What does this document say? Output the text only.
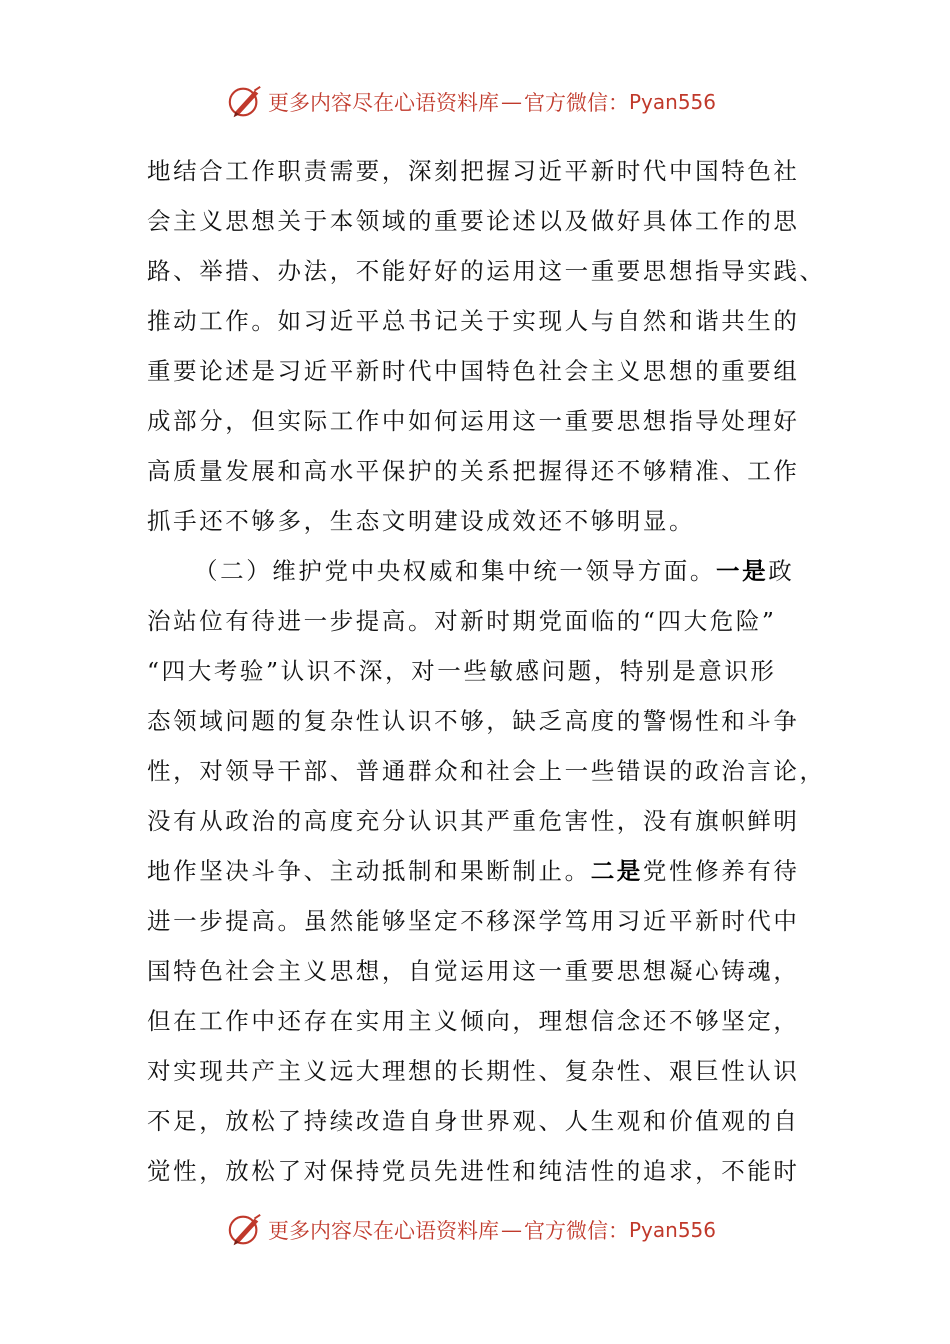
更多内容尽在心语资料库 — 官方微信： Pyan556
地结合工作职责需要，深刻把握习近平新时代中国特色社
会主义思想关于本领域的重要论述以及做好具体工作的思
路、举措、办法，不能好好的运用这一重要思想指导实践、
推动工作。如习近平总书记关于实现人与自然和谐共生的
重要论述是习近平新时代中国特色社会主义思想的重要组
成部分，但实际工作中如何运用这一重要思想指导处理好
高质量发展和高水平保护的关系把握得还不够精准、工作
抓手还不够多，生态文明建设成效还不够明显。
（二）维护党中央权威和集中统一领导方面。一是政
治站位有待进一步提高。对新时期党面临的“四大危险”
“四大考验”认识不深，对一些敏感问题，特别是意识形
态领域问题的复杂性认识不够，缺乏高度的警惕性和斗争
性，对领导干部、普通群众和社会上一些错误的政治言论，
没有从政治的高度充分认识其严重危害性，没有旗帜鲜明
地作坚决斗争、主动抵制和果断制止。二是党性修养有待
进一步提高。虽然能够坚定不移深学笃用习近平新时代中
国特色社会主义思想，自觉运用这一重要思想凝心铸魂，
但在工作中还存在实用主义倾向，理想信念还不够坚定，
对实现共产主义远大理想的长期性、复杂性、艰巨性认识
不足，放松了持续改造自身世界观、人生观和价值观的自
觉性，放松了对保持党员先进性和纯洁性的追求，不能时
更多内容尽在心语资料库 — 官方微信： Pyan556
